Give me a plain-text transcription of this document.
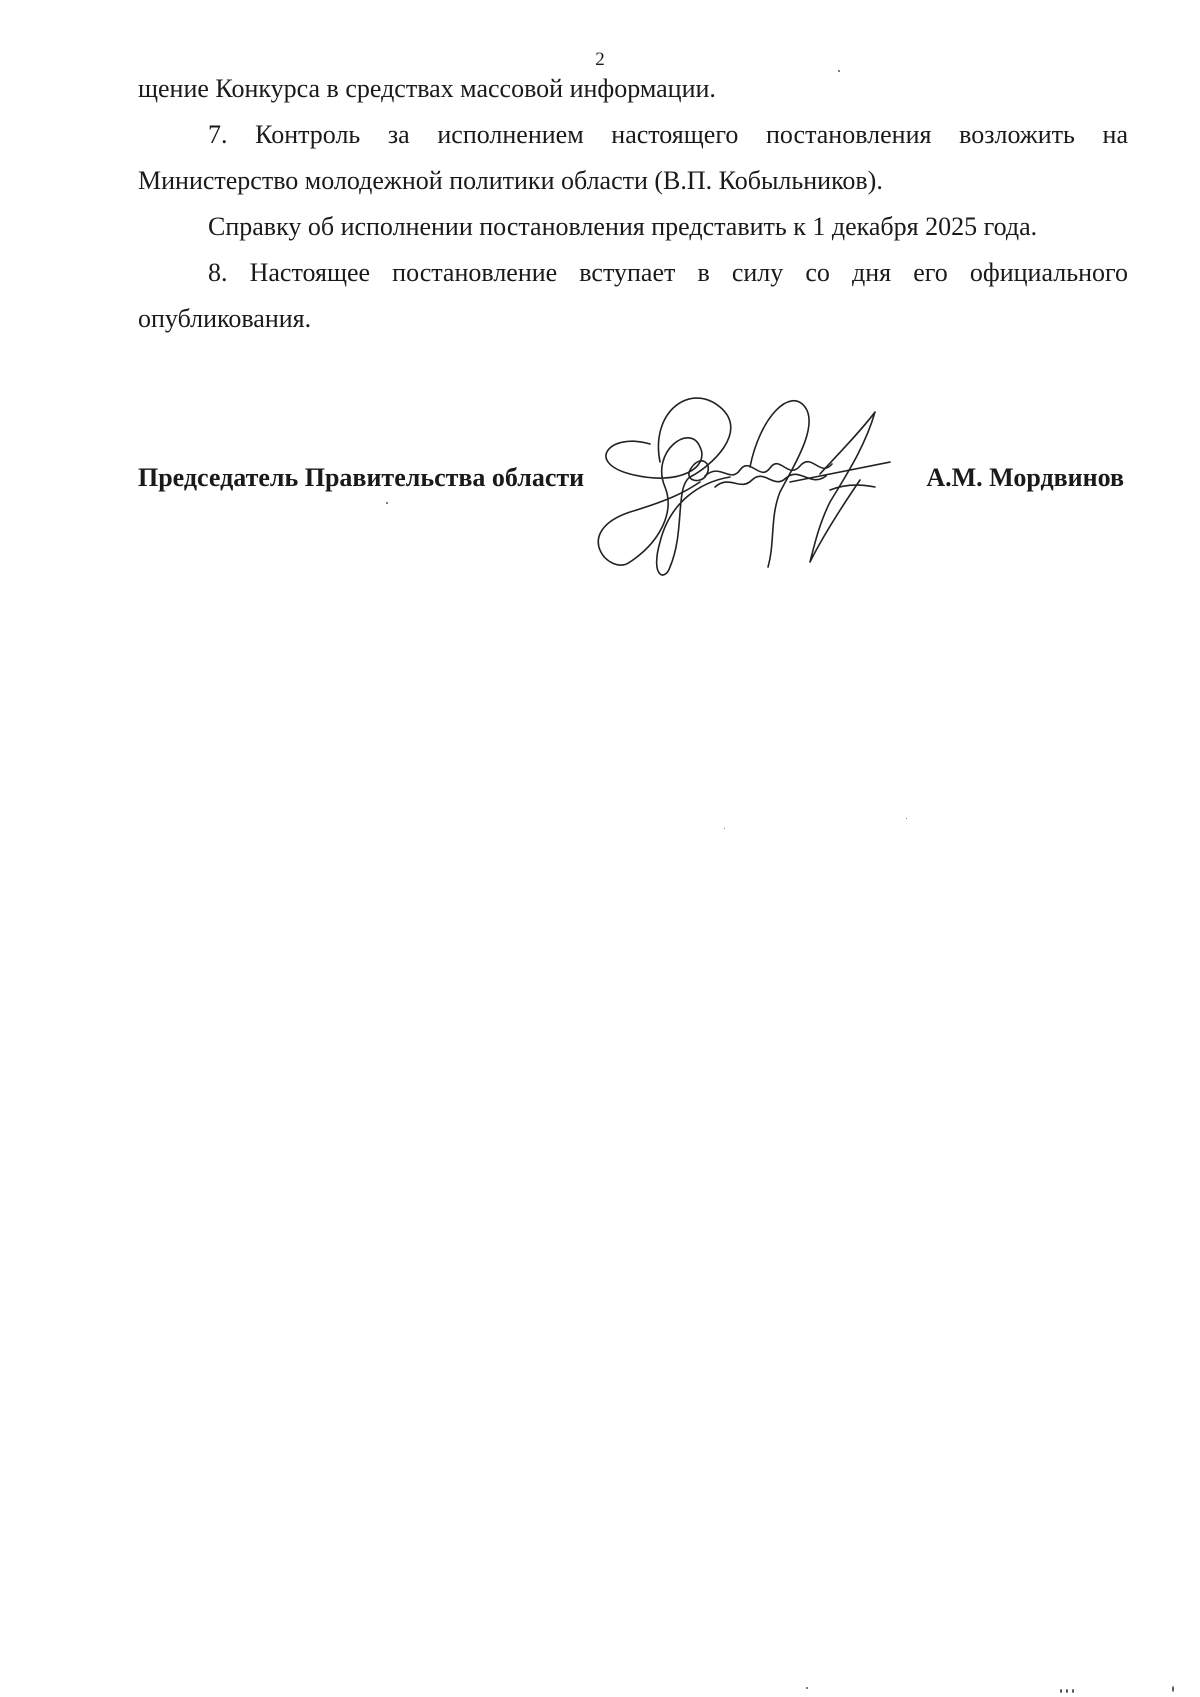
2

щение Конкурса в средствах массовой информации.

7. Контроль за исполнением настоящего постановления возложить на Министерство молодежной политики области (В.П. Кобыльников).

Справку об исполнении постановления представить к 1 декабря 2025 года.

8. Настоящее постановление вступает в силу со дня его официального опубликования.

Председатель Правительства области	А.М. Мордвинов
